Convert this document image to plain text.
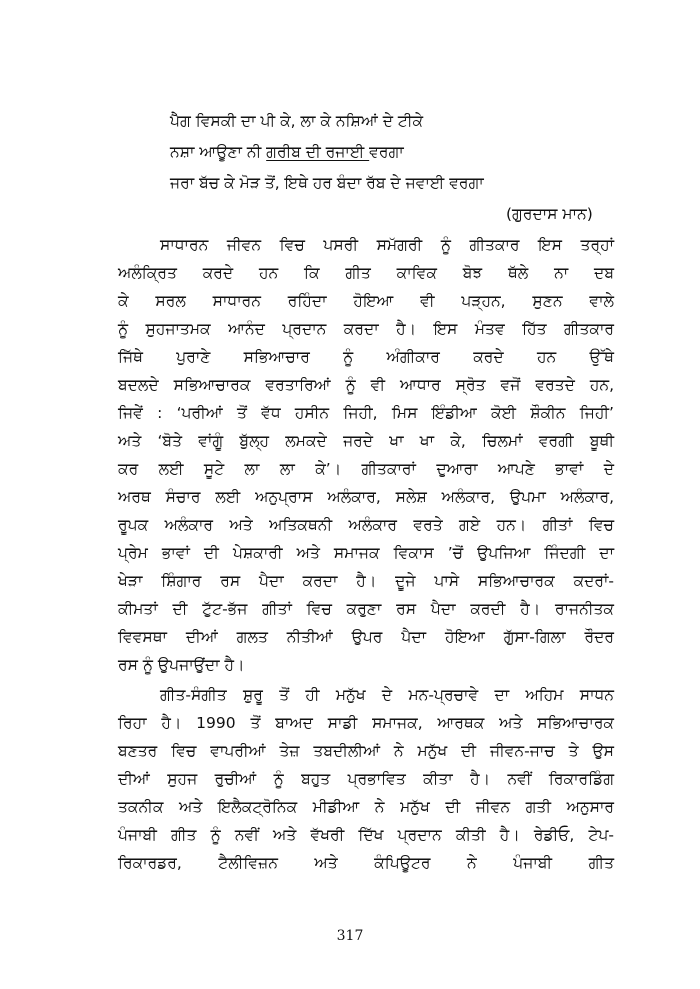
ਪੈੱਗ ਵਿਸਕੀ ਦਾ ਪੀ ਕੇ, ਲਾ ਕੇ ਨਸ਼ਿਆਂ ਦੇ ਟੀਕੇ
ਨਸ਼ਾ ਆਊਣਾ ਨੀ ਗਰੀਬ ਦੀ ਰਜਾਈ ਵਰਗਾ
ਜਰਾ ਬੱਚ ਕੇ ਮੋੜ ਤੋਂ, ਇਥੇ ਹਰ ਬੰਦਾ ਰੱਬ ਦੇ ਜਵਾਈ ਵਰਗਾ
(ਗੁਰਦਾਸ ਮਾਨ)
ਸਾਧਾਰਨ ਜੀਵਨ ਵਿਚ ਪਸਰੀ ਸਮੱਗਰੀ ਨੂੰ ਗੀਤਕਾਰ ਇਸ ਤਰ੍ਹਾਂ
ਅਲੰਕ੍ਰਿਤ ਕਰਦੇ ਹਨ ਕਿ ਗੀਤ ਕਾਵਿਕ ਬੋਝ ਥੱਲੇ ਨਾ ਦਬ
ਕੇ ਸਰਲ ਸਾਧਾਰਨ ਰਹਿੰਦਾ ਹੋਇਆ ਵੀ ਪੜ੍ਹਨ, ਸੁਣਨ ਵਾਲੇ
ਨੂੰ ਸੁਹਜਾਤਮਕ ਆਨੰਦ ਪ੍ਰਦਾਨ ਕਰਦਾ ਹੈ। ਇਸ ਮੰਤਵ ਹਿੱਤ ਗੀਤਕਾਰ
ਜਿੱਥੇ ਪੁਰਾਣੇ ਸਭਿਆਚਾਰ ਨੂੰ ਅੰਗੀਕਾਰ ਕਰਦੇ ਹਨ ਉੱਥੇ
ਬਦਲਦੇ ਸਭਿਆਚਾਰਕ ਵਰਤਾਰਿਆਂ ਨੂੰ ਵੀ ਆਧਾਰ ਸ੍ਰੋਤ ਵਜੋਂ ਵਰਤਦੇ ਹਨ,
ਜਿਵੇਂ : ‘ਪਰੀਆਂ ਤੋਂ ਵੱਧ ਹਸੀਨ ਜਿਹੀ, ਮਿਸ ਇੰਡੀਆ ਕੋਈ ਸ਼ੌਕੀਨ ਜਿਹੀ’
ਅਤੇ ‘ਬੋਤੇ ਵਾਂਗੂੰ ਬੁੱਲ੍ਹ ਲਮਕਦੇ ਜਰਦੇ ਖਾ ਖਾ ਕੇ, ਚਿਲਮਾਂ ਵਰਗੀ ਬੂਥੀ
ਕਰ ਲਈ ਸੂਟੇ ਲਾ ਲਾ ਕੇ’। ਗੀਤਕਾਰਾਂ ਦੁਆਰਾ ਆਪਣੇ ਭਾਵਾਂ ਦੇ
ਅਰਥ ਸੰਚਾਰ ਲਈ ਅਨੁਪ੍ਰਾਸ ਅਲੰਕਾਰ, ਸਲੇਸ਼ ਅਲੰਕਾਰ, ਉਪਮਾ ਅਲੰਕਾਰ,
ਰੂਪਕ ਅਲੰਕਾਰ ਅਤੇ ਅਤਿਕਥਨੀ ਅਲੰਕਾਰ ਵਰਤੇ ਗਏ ਹਨ। ਗੀਤਾਂ ਵਿਚ
ਪ੍ਰੇਮ ਭਾਵਾਂ ਦੀ ਪੇਸ਼ਕਾਰੀ ਅਤੇ ਸਮਾਜਕ ਵਿਕਾਸ ’ਚੋਂ ਉਪਜਿਆ ਜਿੰਦਗੀ ਦਾ
ਖੇੜਾ ਸ਼ਿੰਗਾਰ ਰਸ ਪੈਦਾ ਕਰਦਾ ਹੈ। ਦੂਜੇ ਪਾਸੇ ਸਭਿਆਚਾਰਕ ਕਦਰਾਂ-
ਕੀਮਤਾਂ ਦੀ ਟੁੱਟ-ਭੱਜ ਗੀਤਾਂ ਵਿਚ ਕਰੁਣਾ ਰਸ ਪੈਦਾ ਕਰਦੀ ਹੈ। ਰਾਜਨੀਤਕ
ਵਿਵਸਥਾ ਦੀਆਂ ਗਲਤ ਨੀਤੀਆਂ ਉਪਰ ਪੈਦਾ ਹੋਇਆ ਗੁੱਸਾ-ਗਿਲਾ ਰੌਦਰ
ਰਸ ਨੂੰ ਉਪਜਾਉਂਦਾ ਹੈ।
ਗੀਤ-ਸੰਗੀਤ ਸ਼ੁਰੂ ਤੋਂ ਹੀ ਮਨੁੱਖ ਦੇ ਮਨ-ਪ੍ਰਚਾਵੇ ਦਾ ਅਹਿਮ ਸਾਧਨ
ਰਿਹਾ ਹੈ। 1990 ਤੋਂ ਬਾਅਦ ਸਾਡੀ ਸਮਾਜਕ, ਆਰਥਕ ਅਤੇ ਸਭਿਆਚਾਰਕ
ਬਣਤਰ ਵਿਚ ਵਾਪਰੀਆਂ ਤੇਜ਼ ਤਬਦੀਲੀਆਂ ਨੇ ਮਨੁੱਖ ਦੀ ਜੀਵਨ-ਜਾਚ ਤੇ ਉਸ
ਦੀਆਂ ਸੁਹਜ ਰੁਚੀਆਂ ਨੂੰ ਬਹੁਤ ਪ੍ਰਭਾਵਿਤ ਕੀਤਾ ਹੈ। ਨਵੀਂ ਰਿਕਾਰਡਿੰਗ
ਤਕਨੀਕ ਅਤੇ ਇਲੈਕਟ੍ਰੋਨਿਕ ਮੀਡੀਆ ਨੇ ਮਨੁੱਖ ਦੀ ਜੀਵਨ ਗਤੀ ਅਨੁਸਾਰ
ਪੰਜਾਬੀ ਗੀਤ ਨੂੰ ਨਵੀਂ ਅਤੇ ਵੱਖਰੀ ਦਿੱਖ ਪ੍ਰਦਾਨ ਕੀਤੀ ਹੈ। ਰੇਡੀਓ, ਟੇਪ-
ਰਿਕਾਰਡਰ, ਟੈਲੀਵਿਜ਼ਨ ਅਤੇ ਕੰਪਿਊਟਰ ਨੇ ਪੰਜਾਬੀ ਗੀਤ
317
